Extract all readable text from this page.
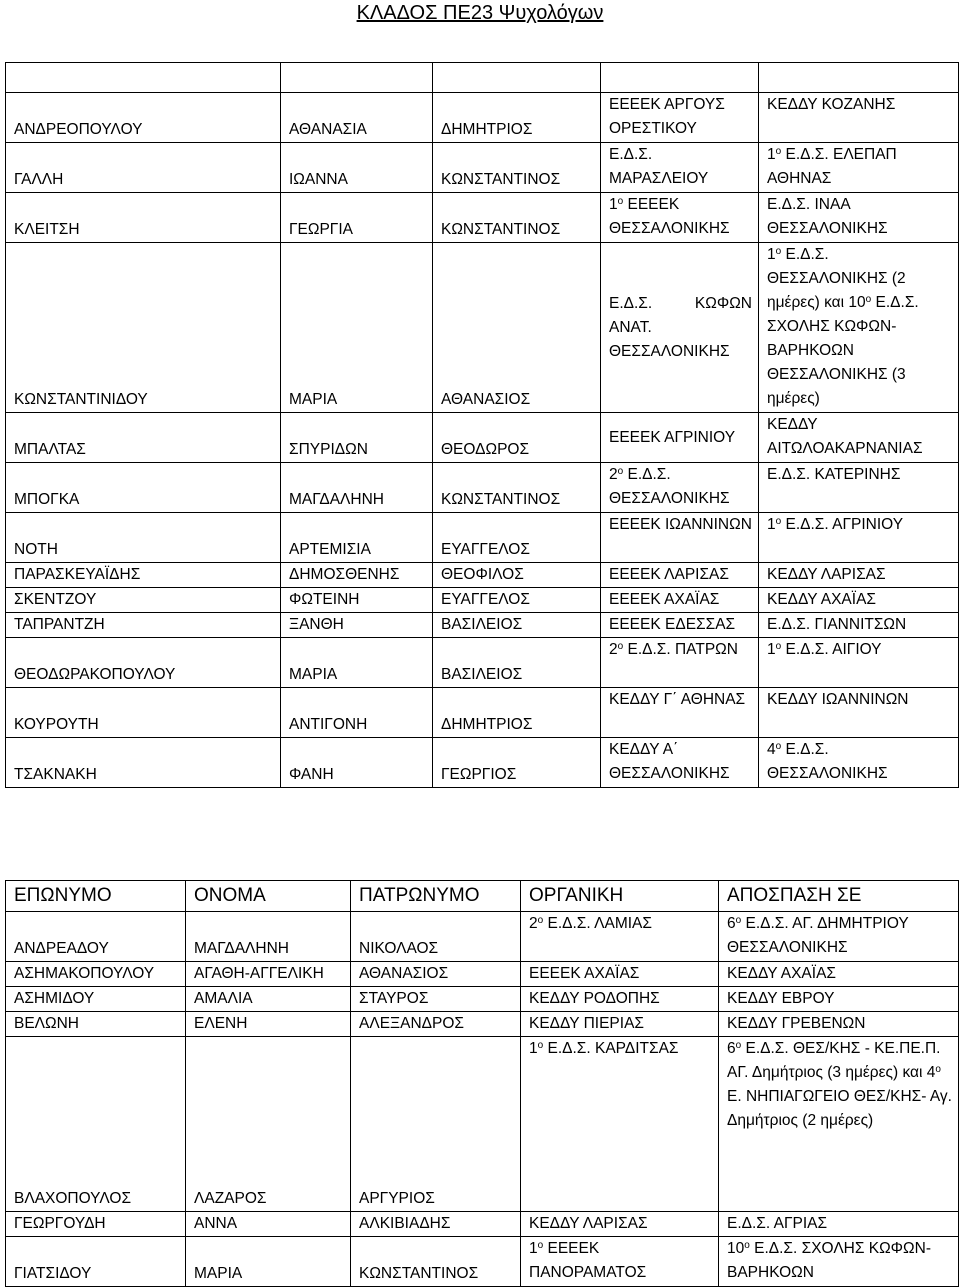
ΚΛΑΔΟΣ ΠΕ23 Ψυχολόγων

ΑΝΔΡΕΟΠΟΥΛΟΥ	ΑΘΑΝΑΣΙΑ	ΔΗΜΗΤΡΙΟΣ	ΕΕΕΕΚ ΑΡΓΟΥΣ ΟΡΕΣΤΙΚΟΥ	ΚΕΔΔΥ ΚΟΖΑΝΗΣ
ΓΑΛΛΗ	ΙΩΑΝΝΑ	ΚΩΝΣΤΑΝΤΙΝΟΣ	Ε.Δ.Σ. ΜΑΡΑΣΛΕΙΟΥ	$1^o$ Ε.Δ.Σ. ΕΛΕΠΑΠ ΑΘΗΝΑΣ
ΚΛΕΙΤΣΗ	ΓΕΩΡΓΙΑ	ΚΩΝΣΤΑΝΤΙΝΟΣ	$1^o$ ΕΕΕΕΚ ΘΕΣΣΑΛΟΝΙΚΗΣ	Ε.Δ.Σ. ΙΝΑΑ ΘΕΣΣΑΛΟΝΙΚΗΣ
ΚΩΝΣΤΑΝΤΙΝΙΔΟΥ	ΜΑΡΙΑ	ΑΘΑΝΑΣΙΟΣ	Ε.Δ.Σ. ΚΩΦΩΝ ΑΝΑΤ. ΘΕΣΣΑΛΟΝΙΚΗΣ	$1^o$ Ε.Δ.Σ. ΘΕΣΣΑΛΟΝΙΚΗΣ (2 ημέρες) και $10^o$ Ε.Δ.Σ. ΣΧΟΛΗΣ ΚΩΦΩΝ-ΒΑΡΗΚΟΩΝ ΘΕΣΣΑΛΟΝΙΚΗΣ (3 ημέρες)
ΜΠΑΛΤΑΣ	ΣΠΥΡΙΔΩΝ	ΘΕΟΔΩΡΟΣ	ΕΕΕΕΚ ΑΓΡΙΝΙΟΥ	ΚΕΔΔΥ ΑΙΤΩΛΟΑΚΑΡΝΑΝΙΑΣ
ΜΠΟΓΚΑ	ΜΑΓΔΑΛΗΝΗ	ΚΩΝΣΤΑΝΤΙΝΟΣ	$2^o$ Ε.Δ.Σ. ΘΕΣΣΑΛΟΝΙΚΗΣ	Ε.Δ.Σ. ΚΑΤΕΡΙΝΗΣ
ΝΟΤΗ	ΑΡΤΕΜΙΣΙΑ	ΕΥΑΓΓΕΛΟΣ	ΕΕΕΕΚ ΙΩΑΝΝΙΝΩΝ	$1^o$ Ε.Δ.Σ. ΑΓΡΙΝΙΟΥ
ΠΑΡΑΣΚΕΥΑΪΔΗΣ	ΔΗΜΟΣΘΕΝΗΣ	ΘΕΟΦΙΛΟΣ	ΕΕΕΕΚ ΛΑΡΙΣΑΣ	ΚΕΔΔΥ ΛΑΡΙΣΑΣ
ΣΚΕΝΤΖΟΥ	ΦΩΤΕΙΝΗ	ΕΥΑΓΓΕΛΟΣ	ΕΕΕΕΚ ΑΧΑΪΑΣ	ΚΕΔΔΥ ΑΧΑΪΑΣ
ΤΑΠΡΑΝΤΖΗ	ΞΑΝΘΗ	ΒΑΣΙΛΕΙΟΣ	ΕΕΕΕΚ ΕΔΕΣΣΑΣ	Ε.Δ.Σ. ΓΙΑΝΝΙΤΣΩΝ
ΘΕΟΔΩΡΑΚΟΠΟΥΛΟΥ	ΜΑΡΙΑ	ΒΑΣΙΛΕΙΟΣ	$2^o$ Ε.Δ.Σ. ΠΑΤΡΩΝ	$1^o$ Ε.Δ.Σ. ΑΙΓΙΟΥ
ΚΟΥΡΟΥΤΗ	ΑΝΤΙΓΟΝΗ	ΔΗΜΗΤΡΙΟΣ	ΚΕΔΔΥ Γ΄ ΑΘΗΝΑΣ	ΚΕΔΔΥ ΙΩΑΝΝΙΝΩΝ
ΤΣΑΚΝΑΚΗ	ΦΑΝΗ	ΓΕΩΡΓΙΟΣ	ΚΕΔΔΥ Α΄ ΘΕΣΣΑΛΟΝΙΚΗΣ	$4^o$ Ε.Δ.Σ. ΘΕΣΣΑΛΟΝΙΚΗΣ
ΕΠΩΝΥΜΟ	ΟΝΟΜΑ	ΠΑΤΡΩΝΥΜΟ	ΟΡΓΑΝΙΚΗ	ΑΠΟΣΠΑΣΗ ΣΕ
ΑΝΔΡΕΑΔΟΥ	ΜΑΓΔΑΛΗΝΗ	ΝΙΚΟΛΑΟΣ	$2^o$ Ε.Δ.Σ. ΛΑΜΙΑΣ	$6^o$ Ε.Δ.Σ. ΑΓ. ΔΗΜΗΤΡΙΟΥ ΘΕΣΣΑΛΟΝΙΚΗΣ
ΑΣΗΜΑΚΟΠΟΥΛΟΥ	ΑΓΑΘΗ-ΑΓΓΕΛΙΚΗ	ΑΘΑΝΑΣΙΟΣ	ΕΕΕΕΚ ΑΧΑΪΑΣ	ΚΕΔΔΥ ΑΧΑΪΑΣ
ΑΣΗΜΙΔΟΥ	ΑΜΑΛΙΑ	ΣΤΑΥΡΟΣ	ΚΕΔΔΥ ΡΟΔΟΠΗΣ	ΚΕΔΔΥ ΕΒΡΟΥ
ΒΕΛΩΝΗ	ΕΛΕΝΗ	ΑΛΕΞΑΝΔΡΟΣ	ΚΕΔΔΥ ΠΙΕΡΙΑΣ	ΚΕΔΔΥ ΓΡΕΒΕΝΩΝ
ΒΛΑΧΟΠΟΥΛΟΣ	ΛΑΖΑΡΟΣ	ΑΡΓΥΡΙΟΣ	$1^o$ Ε.Δ.Σ. ΚΑΡΔΙΤΣΑΣ	$6^o$ Ε.Δ.Σ. ΘΕΣ/ΚΗΣ - ΚΕ.ΠΕ.Π. ΑΓ. Δημήτριος (3 ημέρες) και $4^o$ Ε. ΝΗΠΙΑΓΩΓΕΙΟ ΘΕΣ/ΚΗΣ- Αγ. Δημήτριος (2 ημέρες)
ΓΕΩΡΓΟΥΔΗ	ΑΝΝΑ	ΑΛΚΙΒΙΑΔΗΣ	ΚΕΔΔΥ ΛΑΡΙΣΑΣ	Ε.Δ.Σ. ΑΓΡΙΑΣ
ΓΙΑΤΣΙΔΟΥ	ΜΑΡΙΑ	ΚΩΝΣΤΑΝΤΙΝΟΣ	$1^o$ ΕΕΕΕΚ ΠΑΝΟΡΑΜΑΤΟΣ	$10^o$ Ε.Δ.Σ. ΣΧΟΛΗΣ ΚΩΦΩΝ-ΒΑΡΗΚΟΩΝ
